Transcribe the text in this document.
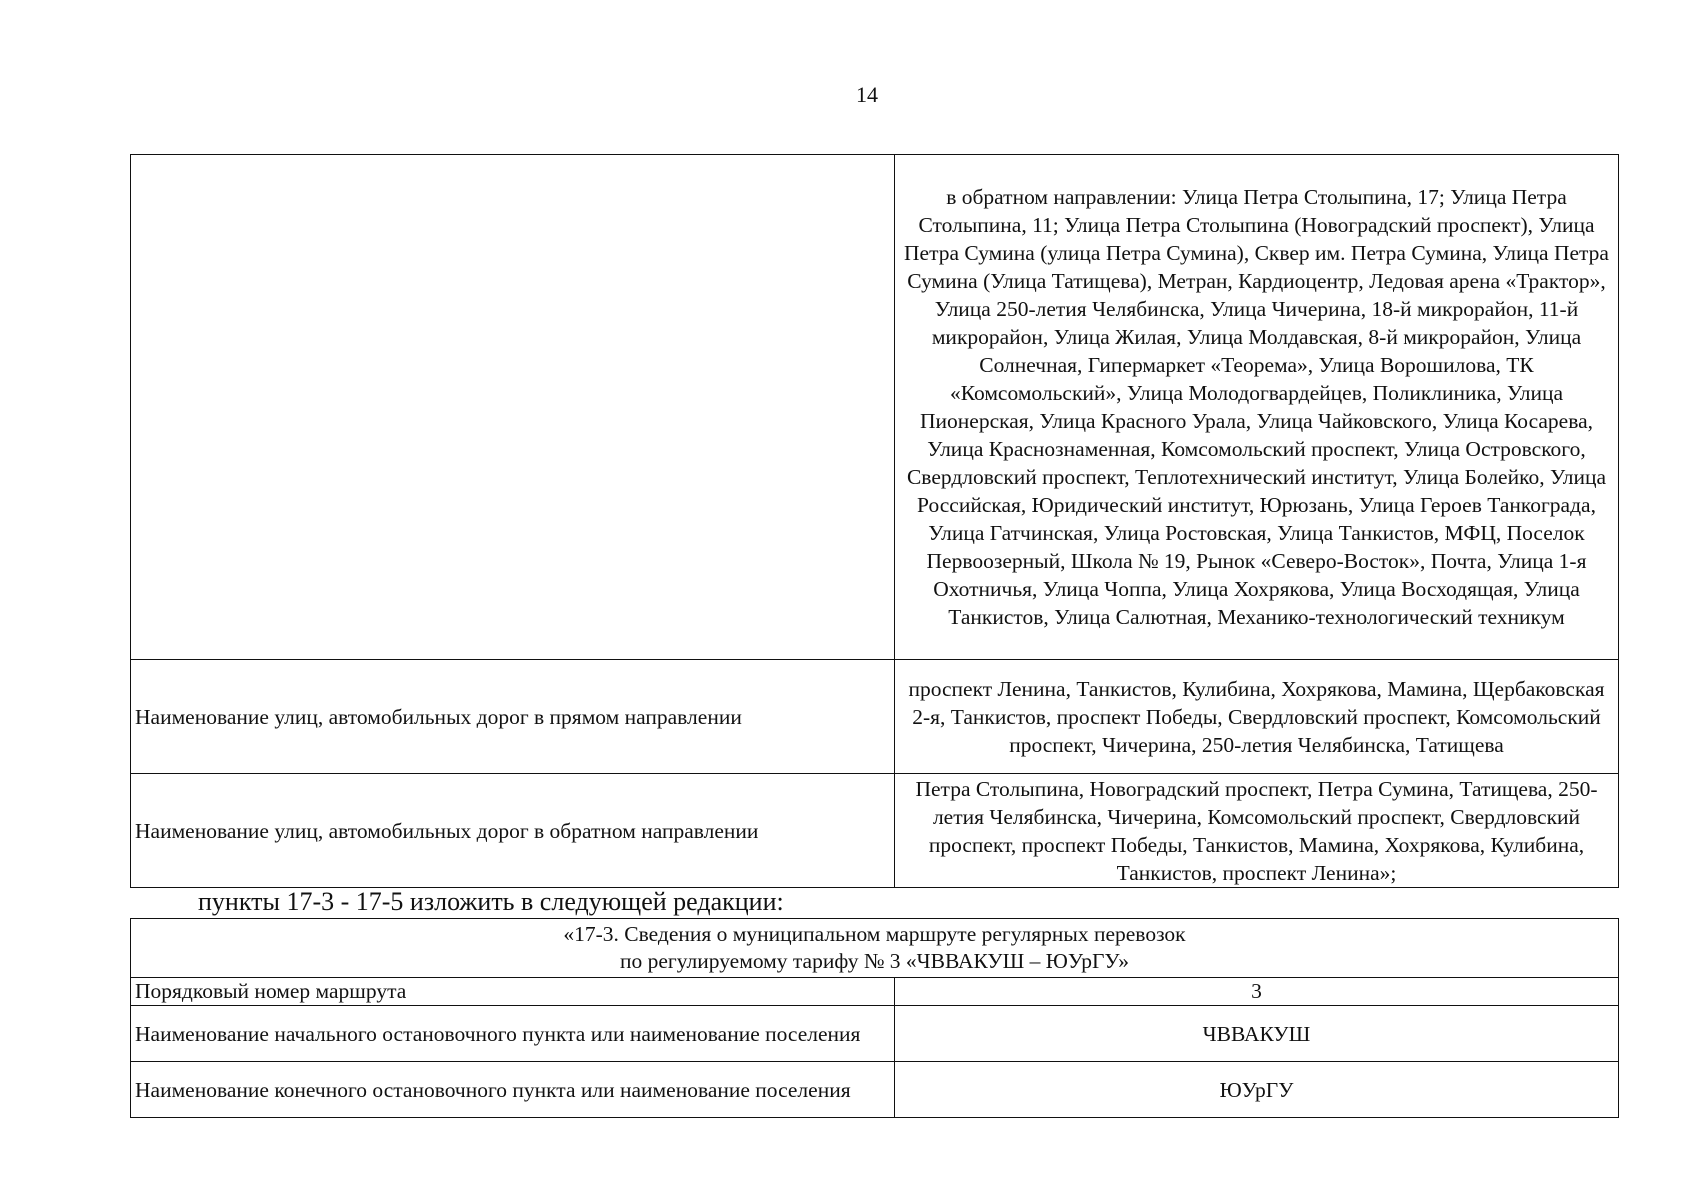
14
	в обратном направлении: Улица Петра Столыпина, 17; Улица Петра Столыпина, 11; Улица Петра Столыпина (Новоградский проспект), Улица Петра Сумина (улица Петра Сумина), Сквер им. Петра Сумина, Улица Петра Сумина (Улица Татищева), Метран, Кардиоцентр, Ледовая арена «Трактор», Улица 250-летия Челябинска, Улица Чичерина, 18-й микрорайон, 11-й микрорайон, Улица Жилая, Улица Молдавская, 8-й микрорайон, Улица Солнечная, Гипермаркет «Теорема», Улица Ворошилова, ТК «Комсомольский», Улица Молодогвардейцев, Поликлиника, Улица Пионерская, Улица Красного Урала, Улица Чайковского, Улица Косарева, Улица Краснознаменная, Комсомольский проспект, Улица Островского, Свердловский проспект, Теплотехнический институт, Улица Болейко, Улица Российская, Юридический институт, Юрюзань, Улица Героев Танкограда, Улица Гатчинская, Улица Ростовская, Улица Танкистов, МФЦ, Поселок Первоозерный, Школа № 19, Рынок «Северо-Восток», Почта, Улица 1-я Охотничья, Улица Чоппа, Улица Хохрякова, Улица Восходящая, Улица Танкистов, Улица Салютная, Механико-технологический техникум
Наименование улиц, автомобильных дорог в прямом направлении	проспект Ленина, Танкистов, Кулибина, Хохрякова, Мамина, Щербаковская 2-я, Танкистов, проспект Победы, Свердловский проспект, Комсомольский проспект, Чичерина, 250-летия Челябинска, Татищева
Наименование улиц, автомобильных дорог в обратном направлении	Петра Столыпина, Новоградский проспект, Петра Сумина, Татищева, 250-летия Челябинска, Чичерина, Комсомольский проспект, Свердловский проспект, проспект Победы, Танкистов, Мамина, Хохрякова, Кулибина, Танкистов, проспект Ленина»;
пункты 17-3 - 17-5 изложить в следующей редакции:
«17-3. Сведения о муниципальном маршруте регулярных перевозок
по регулируемому тарифу № 3 «ЧВВАКУШ – ЮУрГУ»	

Порядковый номер маршрута	3
Наименование начального остановочного пункта или наименование поселения	ЧВВАКУШ
Наименование конечного остановочного пункта или наименование поселения	ЮУрГУ
